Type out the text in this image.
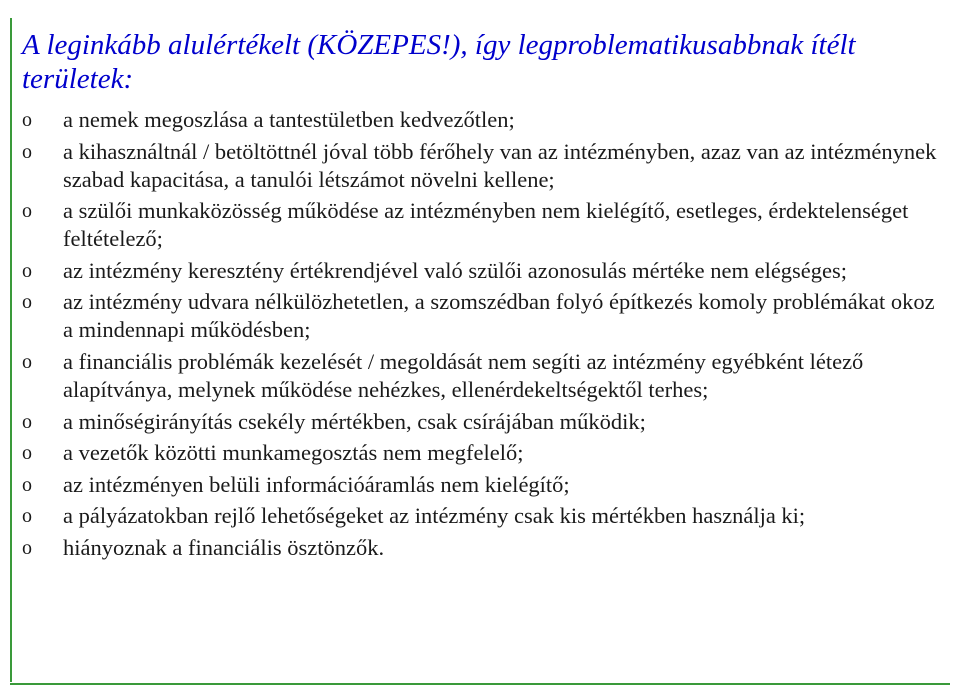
A leginkább alulértékelt (KÖZEPES!), így legproblematikusabbnak ítélt területek:
o	a nemek megoszlása a tantestületben kedvezőtlen;
o	a kihasználtnál / betöltöttnél jóval több férőhely van az intézményben, azaz van az intézménynek szabad kapacitása, a tanulói létszámot növelni kellene;
o	a szülői munkaközösség működése az intézményben nem kielégítő, esetleges, érdektelenséget feltételező;
o	az intézmény keresztény értékrendjével való szülői azonosulás mértéke nem elégséges;
o	az intézmény udvara nélkülözhetetlen, a szomszédban folyó építkezés komoly problémákat okoz a mindennapi működésben;
o	a financiális problémák kezelését / megoldását nem segíti az intézmény egyébként létező alapítványa, melynek működése nehézkes, ellenérdekeltségektől terhes;
o	a minőségirányítás csekély mértékben, csak csírájában működik;
o	a vezetők közötti munkamegosztás nem megfelelő;
o	az intézményen belüli információáramlás nem kielégítő;
o	a pályázatokban rejlő lehetőségeket az intézmény csak kis mértékben használja ki;
o	hiányoznak a financiális ösztönzők.
